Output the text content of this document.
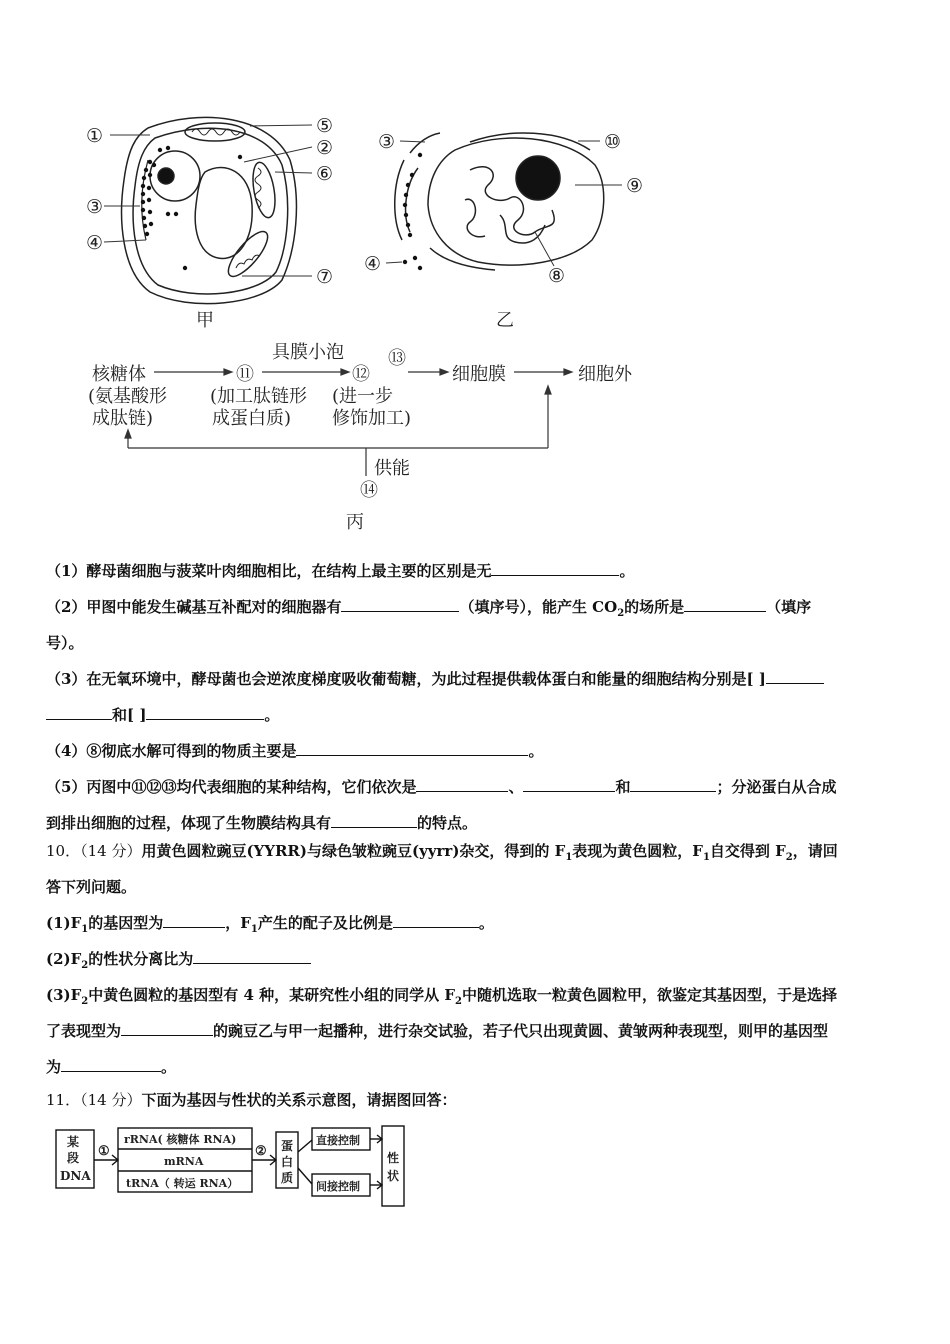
①
②
③
④
⑤
⑥
⑦
③
④
⑩
⑨
⑧
甲	乙
核糖体
(氨基酸形
成肽链)
⑪
(加工肽链形
成蛋白质)
具膜小泡
⑫
⑬
(进一步
修饰加工)
细胞膜	细胞外
供能
⑭
丙
（1）酵母菌细胞与菠菜叶肉细胞相比，在结构上最主要的区别是无	。
（2）甲图中能发生碱基互补配对的细胞器有	（填序号），能产生 $CO_2$的场所是	（填序
号）。
（3）在无氧环境中，酵母菌也会逆浓度梯度吸收葡萄糖，为此过程提供载体蛋白和能量的细胞结构分别是[ ]
和[ ]	。
（4）⑧彻底水解可得到的物质主要是	。
（5）丙图中⑪⑫⑬均代表细胞的某种结构，它们依次是	、	和	；分泌蛋白从合成
到排出细胞的过程，体现了生物膜结构具有	的特点。
10．（14 分）用黄色圆粒豌豆(YYRR)与绿色皱粒豌豆(yyrr)杂交，得到的 $F_1$表现为黄色圆粒，$F_1$自交得到 $F_2$，请回
答下列问题。
$(1)F_1$的基因型为	，$F_1$产生的配子及比例是	。
$(2)F_2$的性状分离比为
$(3)F_2$中黄色圆粒的基因型有 4 种，某研究性小组的同学从 $F_2$中随机选取一粒黄色圆粒甲，欲鉴定其基因型，于是选择
了表现型为	的豌豆乙与甲一起播种，进行杂交试验，若子代只出现黄圆、黄皱两种表现型，则甲的基因型
为	。
11．（14 分）下面为基因与性状的关系示意图，请据图回答：
某
段
DNA
①
rRNA( 核糖体 RNA)
mRNA
tRNA（ 转运 RNA）
② 蛋
白
质
直接控制
间接控制
性
状
